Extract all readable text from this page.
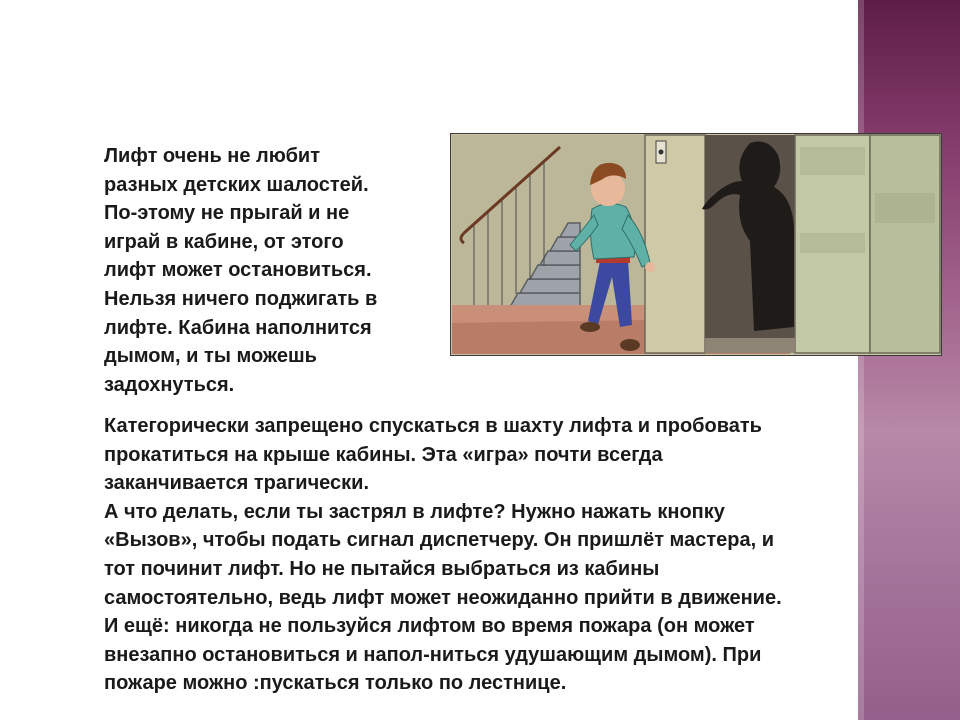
Лифт очень не любит
разных детских шалостей.
По-этому не прыгай и не
играй в кабине, от этого
лифт может остановиться.
Нельзя ничего поджигать в
лифте. Кабина наполнится
дымом, и ты можешь
задохнуться.

Категорически запрещено спускаться в шахту лифта и пробовать
прокатиться на крыше кабины. Эта «игра» почти всегда
заканчивается трагически.
А что делать, если ты застрял в лифте? Нужно нажать кнопку
«Вызов», чтобы подать сигнал диспетчеру. Он пришлёт мастера, и
тот починит лифт. Но не пытайся выбраться из кабины
самостоятельно, ведь лифт может неожиданно прийти в движение.
И ещё: никогда не пользуйся лифтом во время пожара (он может
внезапно остановиться и напол-ниться удушающим дымом). При
пожаре можно :пускаться только по лестнице.
